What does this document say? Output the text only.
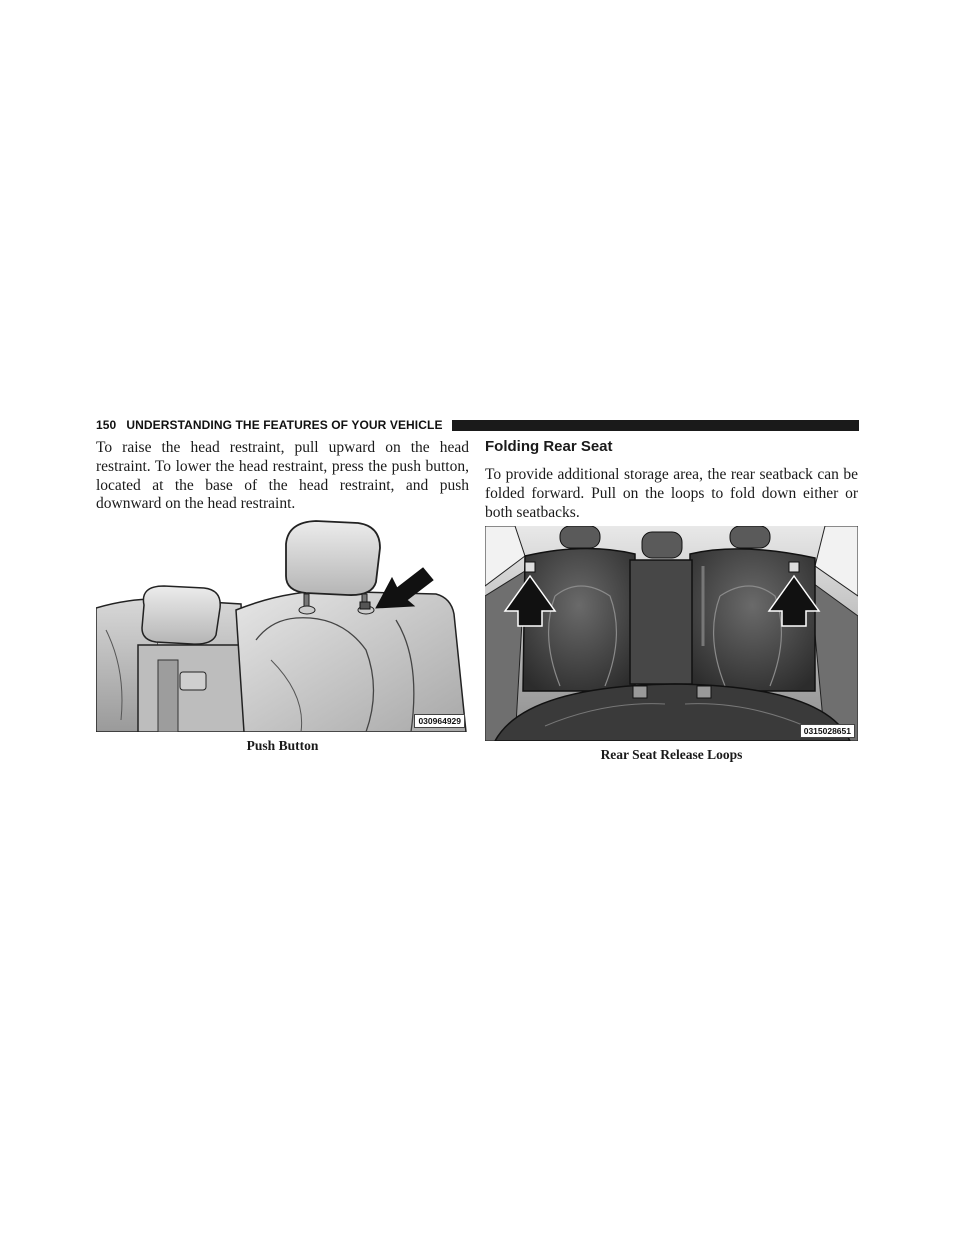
150 UNDERSTANDING THE FEATURES OF YOUR VEHICLE

To raise the head restraint, pull upward on the head restraint. To lower the head restraint, press the push button, located at the base of the head restraint, and push downward on the head restraint.

030964929
Push Button
Folding Rear Seat

To provide additional storage area, the rear seatback can be folded forward. Pull on the loops to fold down either or both seatbacks.

0315028651
Rear Seat Release Loops
